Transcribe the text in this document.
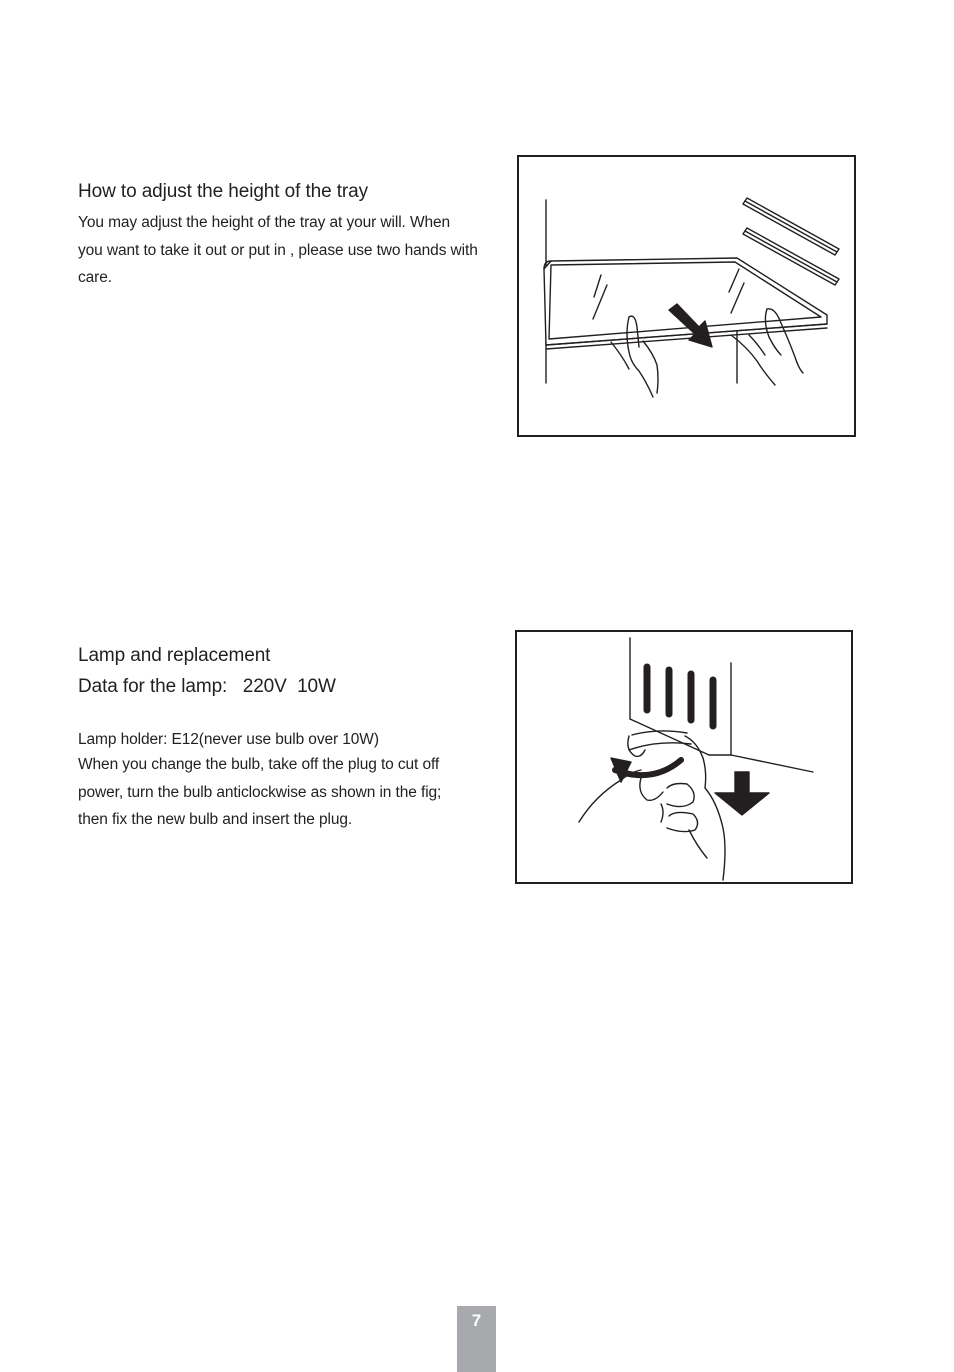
How to adjust the height of the tray

You may adjust the height of the tray at your will. When you want to take it out or put in , please use two hands with care.

Lamp and replacement
Data for the lamp:   220V  10W

Lamp holder: E12(never use bulb over 10W)

When you change the bulb, take off the plug to cut off power, turn the bulb anticlockwise as shown in the fig; then fix the new bulb and insert the plug.

7
